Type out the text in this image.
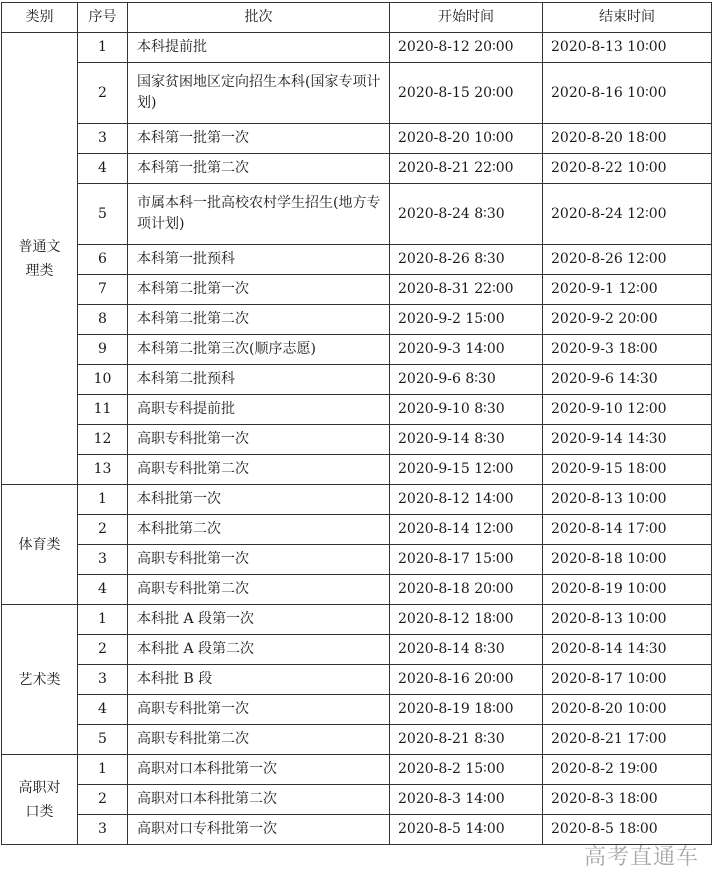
类别	序号	批次	开始时间	结束时间
普通文理类	1	本科提前批	2020-8-12 20∶00	2020-8-13 10∶00
	2	国家贫困地区定向招生本科(国家专项计划)	2020-8-15 20∶00	2020-8-16 10∶00
	3	本科第一批第一次	2020-8-20 10∶00	2020-8-20 18∶00
	4	本科第一批第二次	2020-8-21 22∶00	2020-8-22 10∶00
	5	市属本科一批高校农村学生招生(地方专项计划)	2020-8-24 8∶30	2020-8-24 12∶00
	6	本科第一批预科	2020-8-26 8∶30	2020-8-26 12∶00
	7	本科第二批第一次	2020-8-31 22∶00	2020-9-1 12∶00
	8	本科第二批第二次	2020-9-2 15∶00	2020-9-2 20∶00
	9	本科第二批第三次(顺序志愿)	2020-9-3 14∶00	2020-9-3 18∶00
	10	本科第二批预科	2020-9-6 8∶30	2020-9-6 14∶30
	11	高职专科提前批	2020-9-10 8∶30	2020-9-10 12∶00
	12	高职专科批第一次	2020-9-14 8∶30	2020-9-14 14∶30
	13	高职专科批第二次	2020-9-15 12∶00	2020-9-15 18∶00
体育类	1	本科批第一次	2020-8-12 14∶00	2020-8-13 10∶00
	2	本科批第二次	2020-8-14 12∶00	2020-8-14 17∶00
	3	高职专科批第一次	2020-8-17 15∶00	2020-8-18 10∶00
	4	高职专科批第二次	2020-8-18 20∶00	2020-8-19 10∶00
艺术类	1	本科批 A 段第一次	2020-8-12 18∶00	2020-8-13 10∶00
	2	本科批 A 段第二次	2020-8-14 8∶30	2020-8-14 14∶30
	3	本科批 B 段	2020-8-16 20∶00	2020-8-17 10∶00
	4	高职专科批第一次	2020-8-19 18∶00	2020-8-20 10∶00
	5	高职专科批第二次	2020-8-21 8∶30	2020-8-21 17∶00
高职对口类	1	高职对口本科批第一次	2020-8-2 15∶00	2020-8-2 19∶00
	2	高职对口本科批第二次	2020-8-3 14∶00	2020-8-3 18∶00
	3	高职对口专科批第一次	2020-8-5 14∶00	2020-8-5 18∶00
高考直通车
